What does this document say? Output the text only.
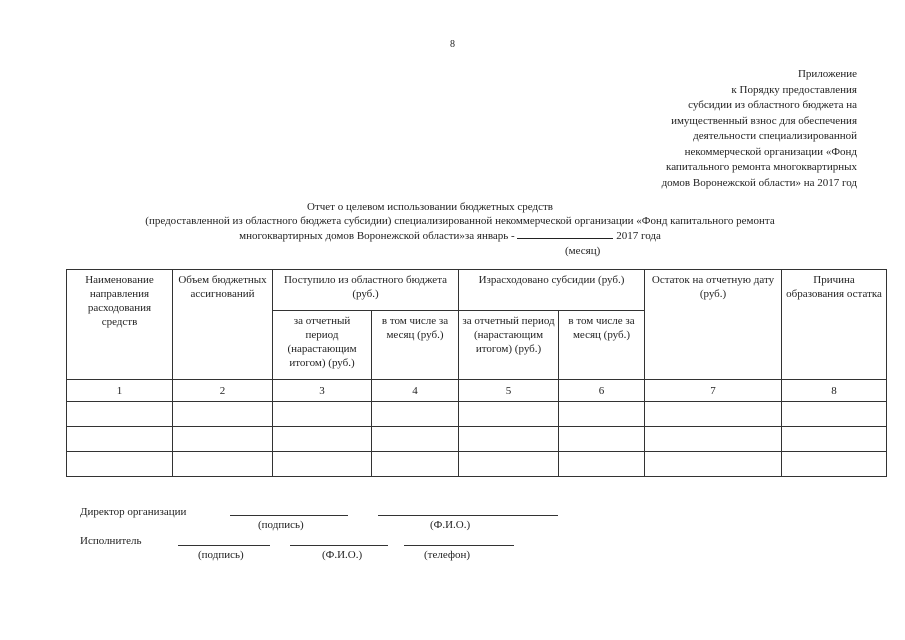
8
Приложение
к Порядку предоставления
субсидии из областного бюджета на
имущественный взнос для обеспечения
деятельности специализированной
некоммерческой организации «Фонд
капитального ремонта многоквартирных
домов Воронежской области» на 2017 год
Отчет о целевом использовании бюджетных средств
(предоставленной из областного бюджета субсидии) специализированной некоммерческой организации «Фонд капитального ремонта
многоквартирных домов Воронежской области»за январь -	2017 года
(месяц)
Наименование направления расходования средств	Объем бюджетных ассигнований	Поступило из областного бюджета (руб.)		Израсходовано субсидии (руб.)		Остаток на отчетную дату (руб.)	Причина образования остатка
		за отчетный период (нарастающим итогом) (руб.)	в том числе за месяц (руб.)	за отчетный период (нарастающим итогом) (руб.)	в том числе за месяц (руб.)		
1	2	3	4	5	6	7	8

Директор организации
(подпись)	(Ф.И.О.)
Исполнитель
(подпись)	(Ф.И.О.)	(телефон)
